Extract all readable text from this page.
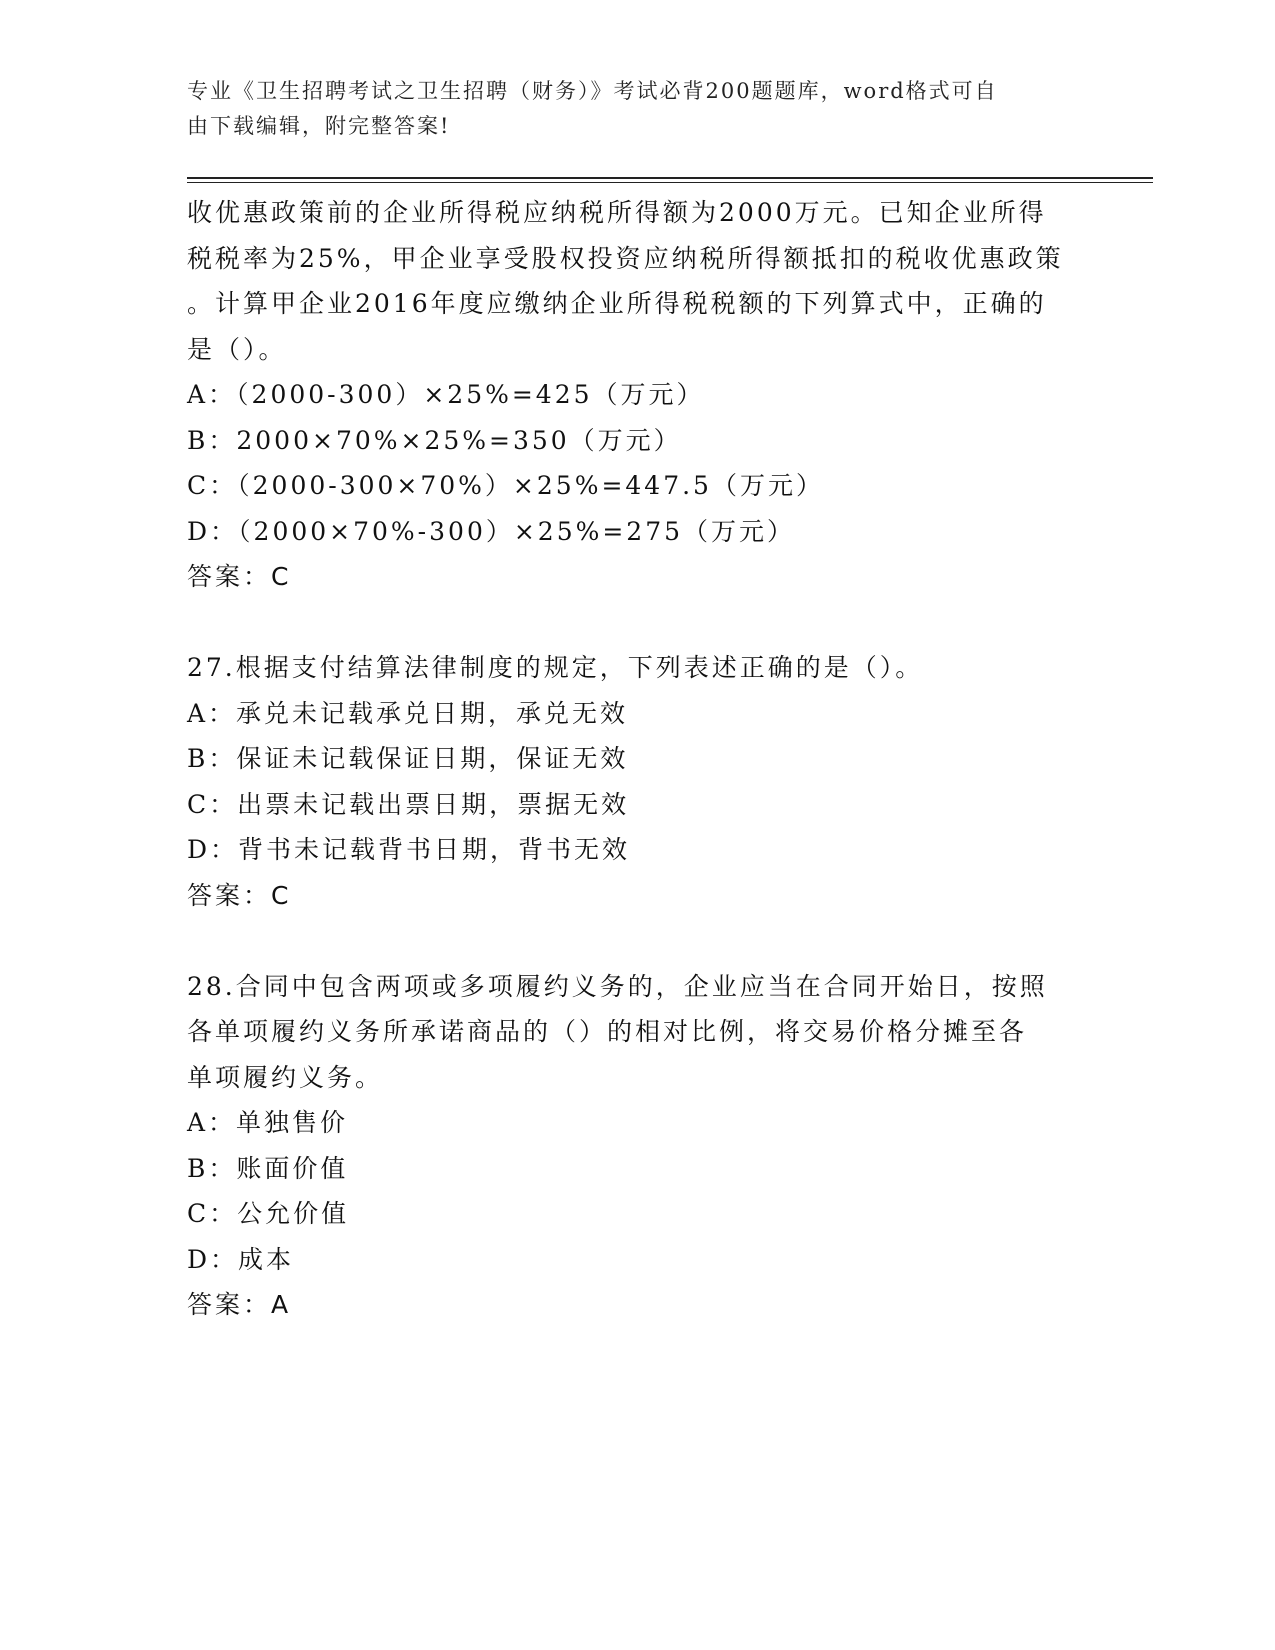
专业《卫生招聘考试之卫生招聘（财务）》考试必背200题题库，word格式可自
由下载编辑，附完整答案!
收优惠政策前的企业所得税应纳税所得额为2000万元。已知企业所得
税税率为25%，甲企业享受股权投资应纳税所得额抵扣的税收优惠政策
。计算甲企业2016年度应缴纳企业所得税税额的下列算式中，正确的
是（）。
A：（2000-300）×25%=425（万元）
B：2000×70%×25%=350（万元）
C：（2000-300×70%）×25%=447.5（万元）
D：（2000×70%-300）×25%=275（万元）
答案：C
27.根据支付结算法律制度的规定，下列表述正确的是（）。
A：承兑未记载承兑日期，承兑无效
B：保证未记载保证日期，保证无效
C：出票未记载出票日期，票据无效
D：背书未记载背书日期，背书无效
答案：C
28.合同中包含两项或多项履约义务的，企业应当在合同开始日，按照
各单项履约义务所承诺商品的（）的相对比例，将交易价格分摊至各
单项履约义务。
A：单独售价
B：账面价值
C：公允价值
D：成本
答案：A
